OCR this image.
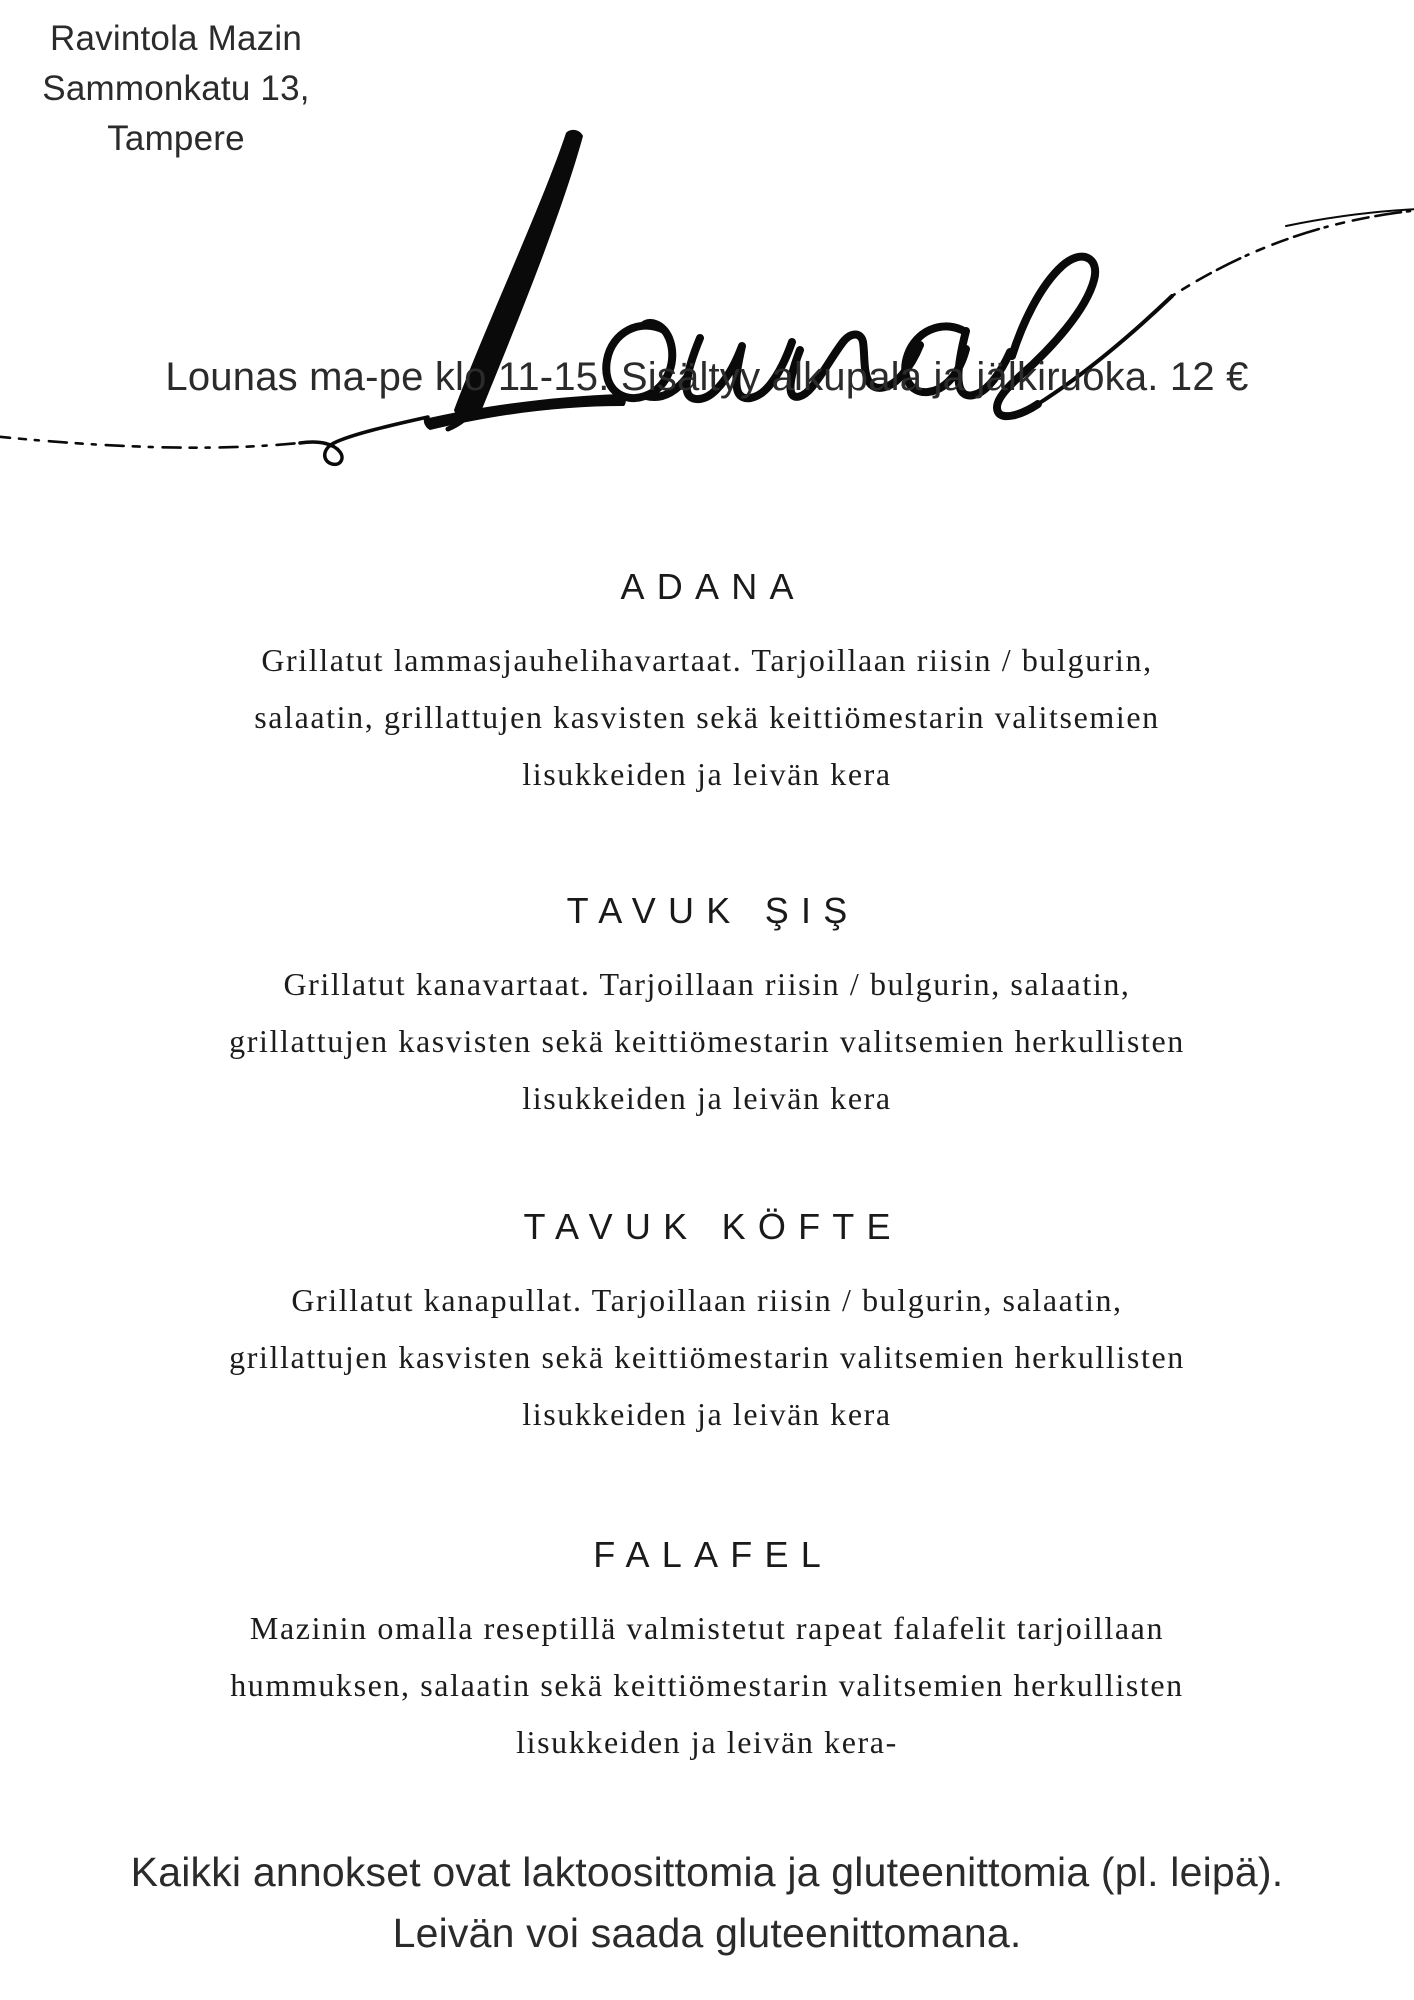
Ravintola Mazin
Sammonkatu 13,
Tampere
Lounas ma-pe klo 11-15. Sisältyy alkupala ja jälkiruoka. 12 €
ADANA
Grillatut lammasjauhelihavartaat. Tarjoillaan riisin / bulgurin,
salaatin, grillattujen kasvisten sekä keittiömestarin valitsemien
lisukkeiden ja leivän kera
TAVUK ŞIŞ
Grillatut kanavartaat. Tarjoillaan riisin / bulgurin, salaatin,
grillattujen kasvisten sekä keittiömestarin valitsemien herkullisten
lisukkeiden ja leivän kera
TAVUK KÖFTE
Grillatut kanapullat. Tarjoillaan riisin / bulgurin, salaatin,
grillattujen kasvisten sekä keittiömestarin valitsemien herkullisten
lisukkeiden ja leivän kera
FALAFEL
Mazinin omalla reseptillä valmistetut rapeat falafelit tarjoillaan
hummuksen, salaatin sekä keittiömestarin valitsemien herkullisten
lisukkeiden ja leivän kera-
Kaikki annokset ovat laktoosittomia ja gluteenittomia (pl. leipä).
Leivän voi saada gluteenittomana.
